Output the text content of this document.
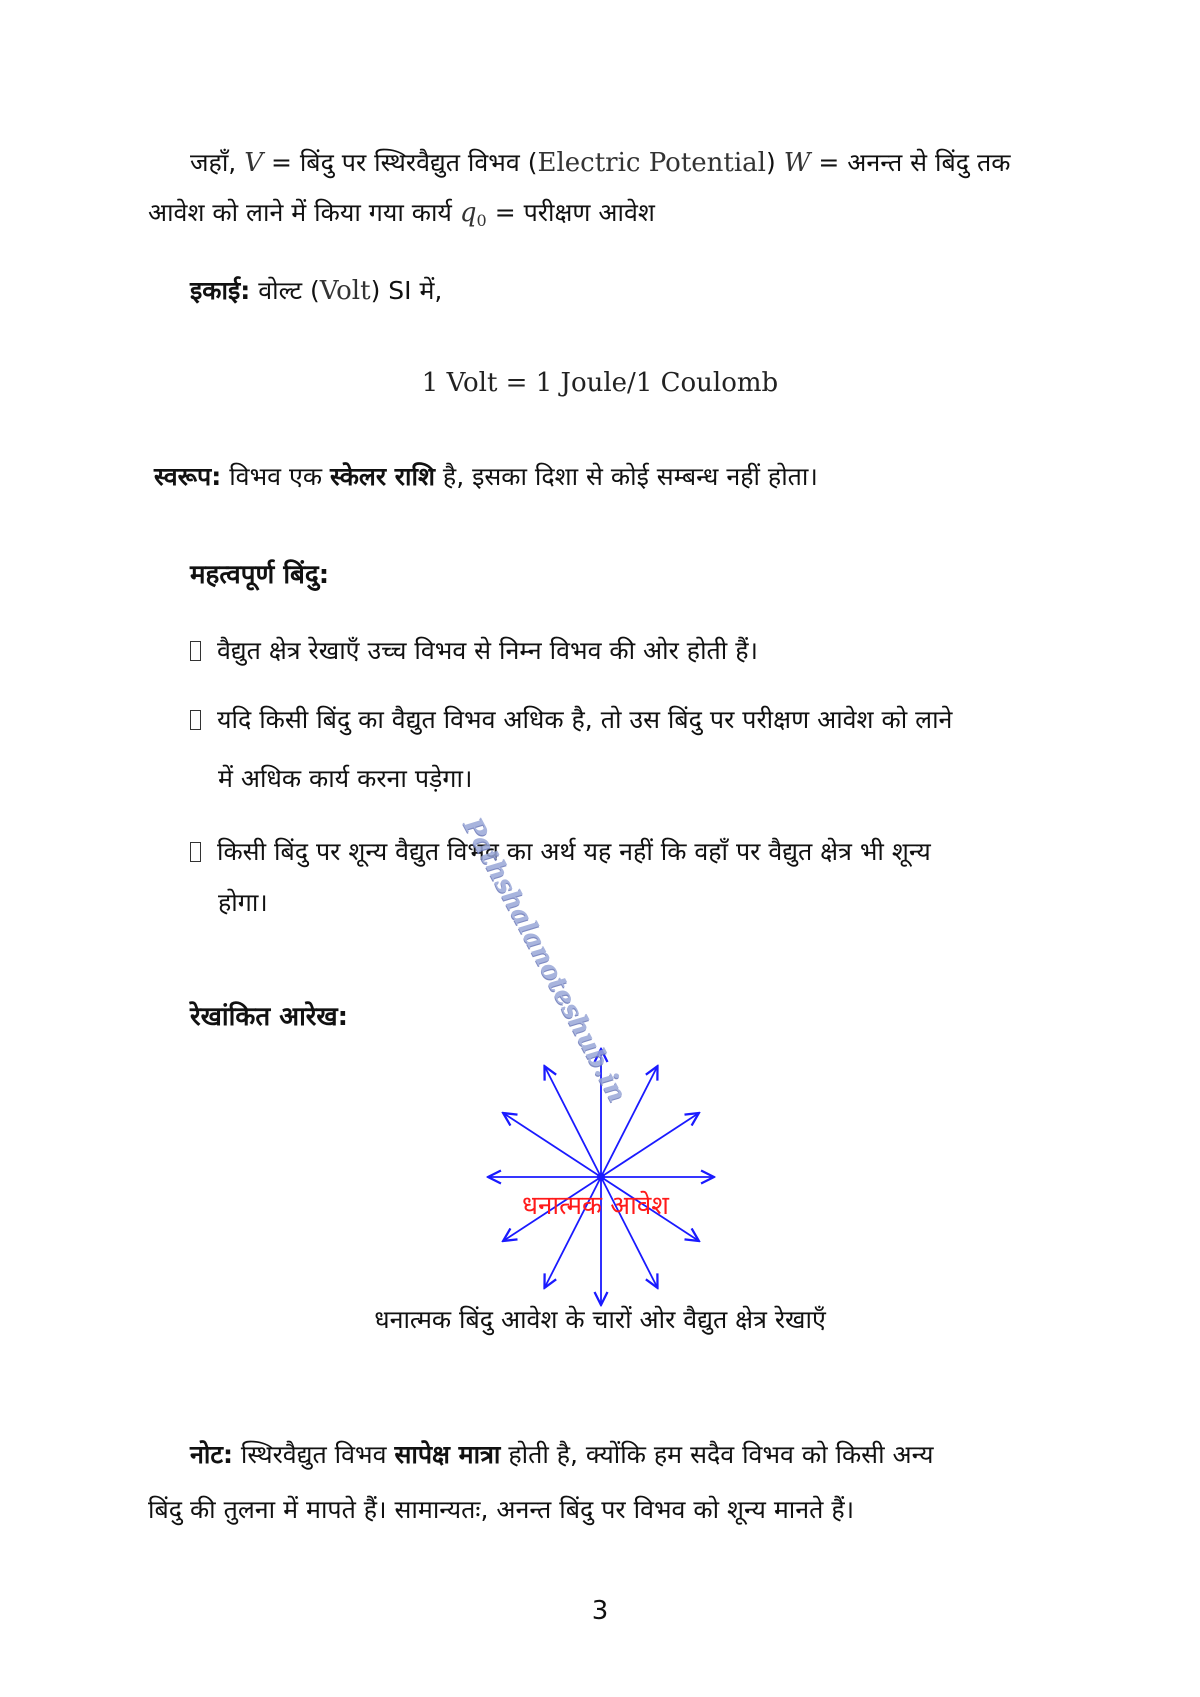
जहाँ, V = बिंदु पर स्थिरवैद्युत विभव (Electric Potential) W = अनन्त से बिंदु तक
आवेश को लाने में किया गया कार्य $q_0$ = परीक्षण आवेश
इकाई: वोल्ट (Volt) SI में,
1 Volt = 1 Joule/1 Coulomb
स्वरूप: विभव एक स्केलर राशि है, इसका दिशा से कोई सम्बन्ध नहीं होता।
महत्वपूर्ण बिंदु:
वैद्युत क्षेत्र रेखाएँ उच्च विभव से निम्न विभव की ओर होती हैं।
यदि किसी बिंदु का वैद्युत विभव अधिक है, तो उस बिंदु पर परीक्षण आवेश को लाने
में अधिक कार्य करना पड़ेगा।
किसी बिंदु पर शून्य वैद्युत विभव का अर्थ यह नहीं कि वहाँ पर वैद्युत क्षेत्र भी शून्य
होगा।
रेखांकित आरेख:
धनात्मक आवेश
धनात्मक बिंदु आवेश के चारों ओर वैद्युत क्षेत्र रेखाएँ
Pathshalanoteshub.in
नोट: स्थिरवैद्युत विभव सापेक्ष मात्रा होती है, क्योंकि हम सदैव विभव को किसी अन्य
बिंदु की तुलना में मापते हैं। सामान्यतः, अनन्त बिंदु पर विभव को शून्य मानते हैं।
3
